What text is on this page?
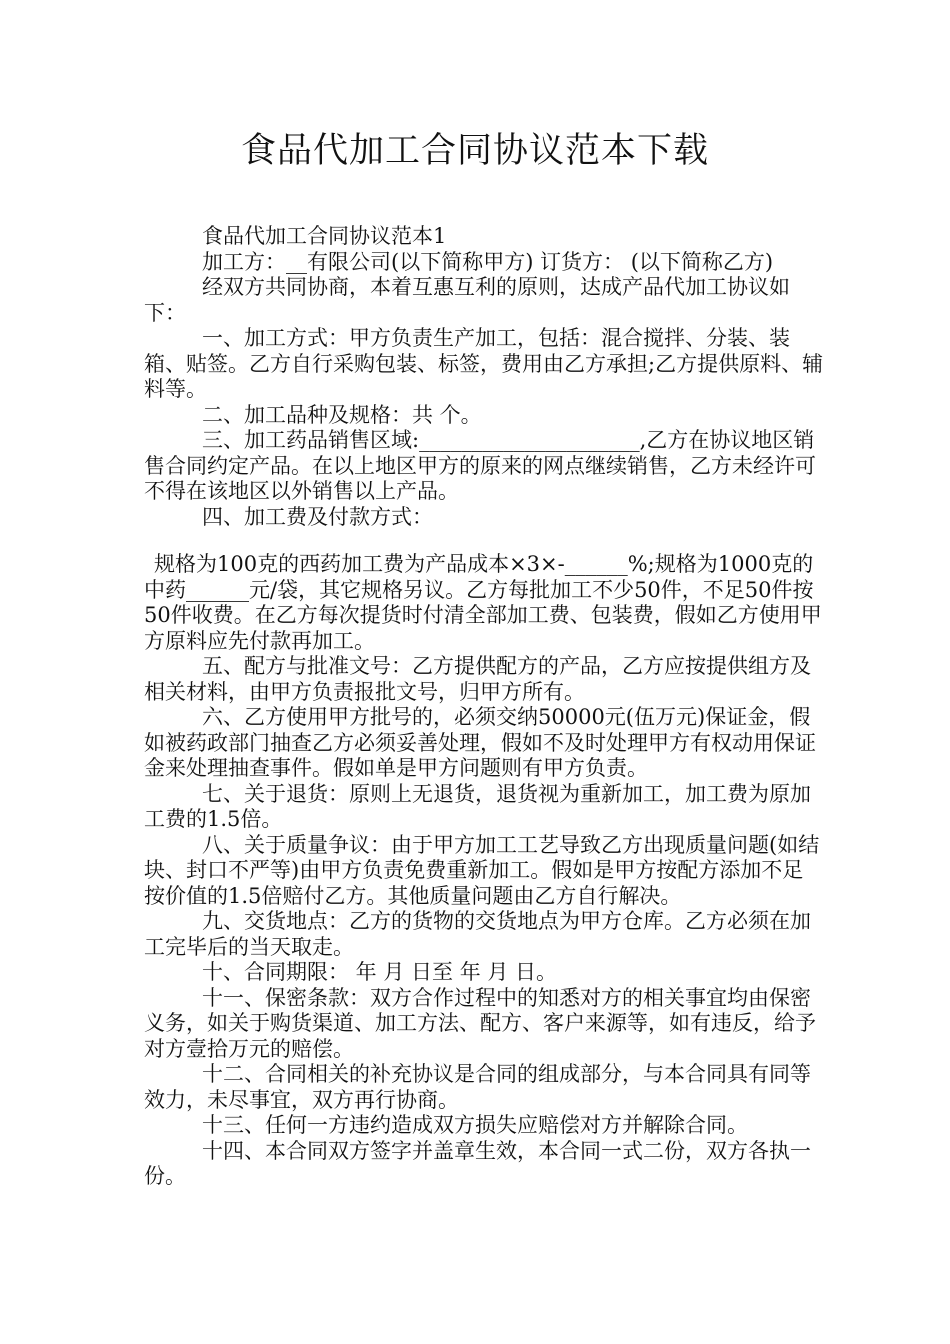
食品代加工合同协议范本下载

食品代加工合同协议范本1

加工方：__有限公司(以下简称甲方) 订货方： (以下简称乙方)

经双方共同协商，本着互惠互利的原则，达成产品代加工协议如下：

一、加工方式：甲方负责生产加工，包括：混合搅拌、分装、装箱、贴签。乙方自行采购包装、标签，费用由乙方承担;乙方提供原料、辅料等。

二、加工品种及规格：共 个。

三、加工药品销售区域:_____________________,乙方在协议地区销售合同约定产品。在以上地区甲方的原来的网点继续销售，乙方未经许可不得在该地区以外销售以上产品。

四、加工费及付款方式：

规格为100克的西药加工费为产品成本×3×-______%;规格为1000克的中药______元/袋，其它规格另议。乙方每批加工不少50件，不足50件按50件收费。在乙方每次提货时付清全部加工费、包装费，假如乙方使用甲方原料应先付款再加工。

五、配方与批准文号：乙方提供配方的产品，乙方应按提供组方及相关材料，由甲方负责报批文号，归甲方所有。

六、乙方使用甲方批号的，必须交纳50000元(伍万元)保证金，假如被药政部门抽查乙方必须妥善处理，假如不及时处理甲方有权动用保证金来处理抽查事件。假如单是甲方问题则有甲方负责。

七、关于退货：原则上无退货，退货视为重新加工，加工费为原加工费的1.5倍。

八、关于质量争议：由于甲方加工工艺导致乙方出现质量问题(如结块、封口不严等)由甲方负责免费重新加工。假如是甲方按配方添加不足按价值的1.5倍赔付乙方。其他质量问题由乙方自行解决。

九、交货地点：乙方的货物的交货地点为甲方仓库。乙方必须在加工完毕后的当天取走。

十、合同期限： 年 月 日至 年 月 日。

十一、保密条款：双方合作过程中的知悉对方的相关事宜均由保密义务，如关于购货渠道、加工方法、配方、客户来源等，如有违反，给予对方壹拾万元的赔偿。

十二、合同相关的补充协议是合同的组成部分，与本合同具有同等效力，未尽事宜，双方再行协商。

十三、任何一方违约造成双方损失应赔偿对方并解除合同。

十四、本合同双方签字并盖章生效，本合同一式二份，双方各执一份。
